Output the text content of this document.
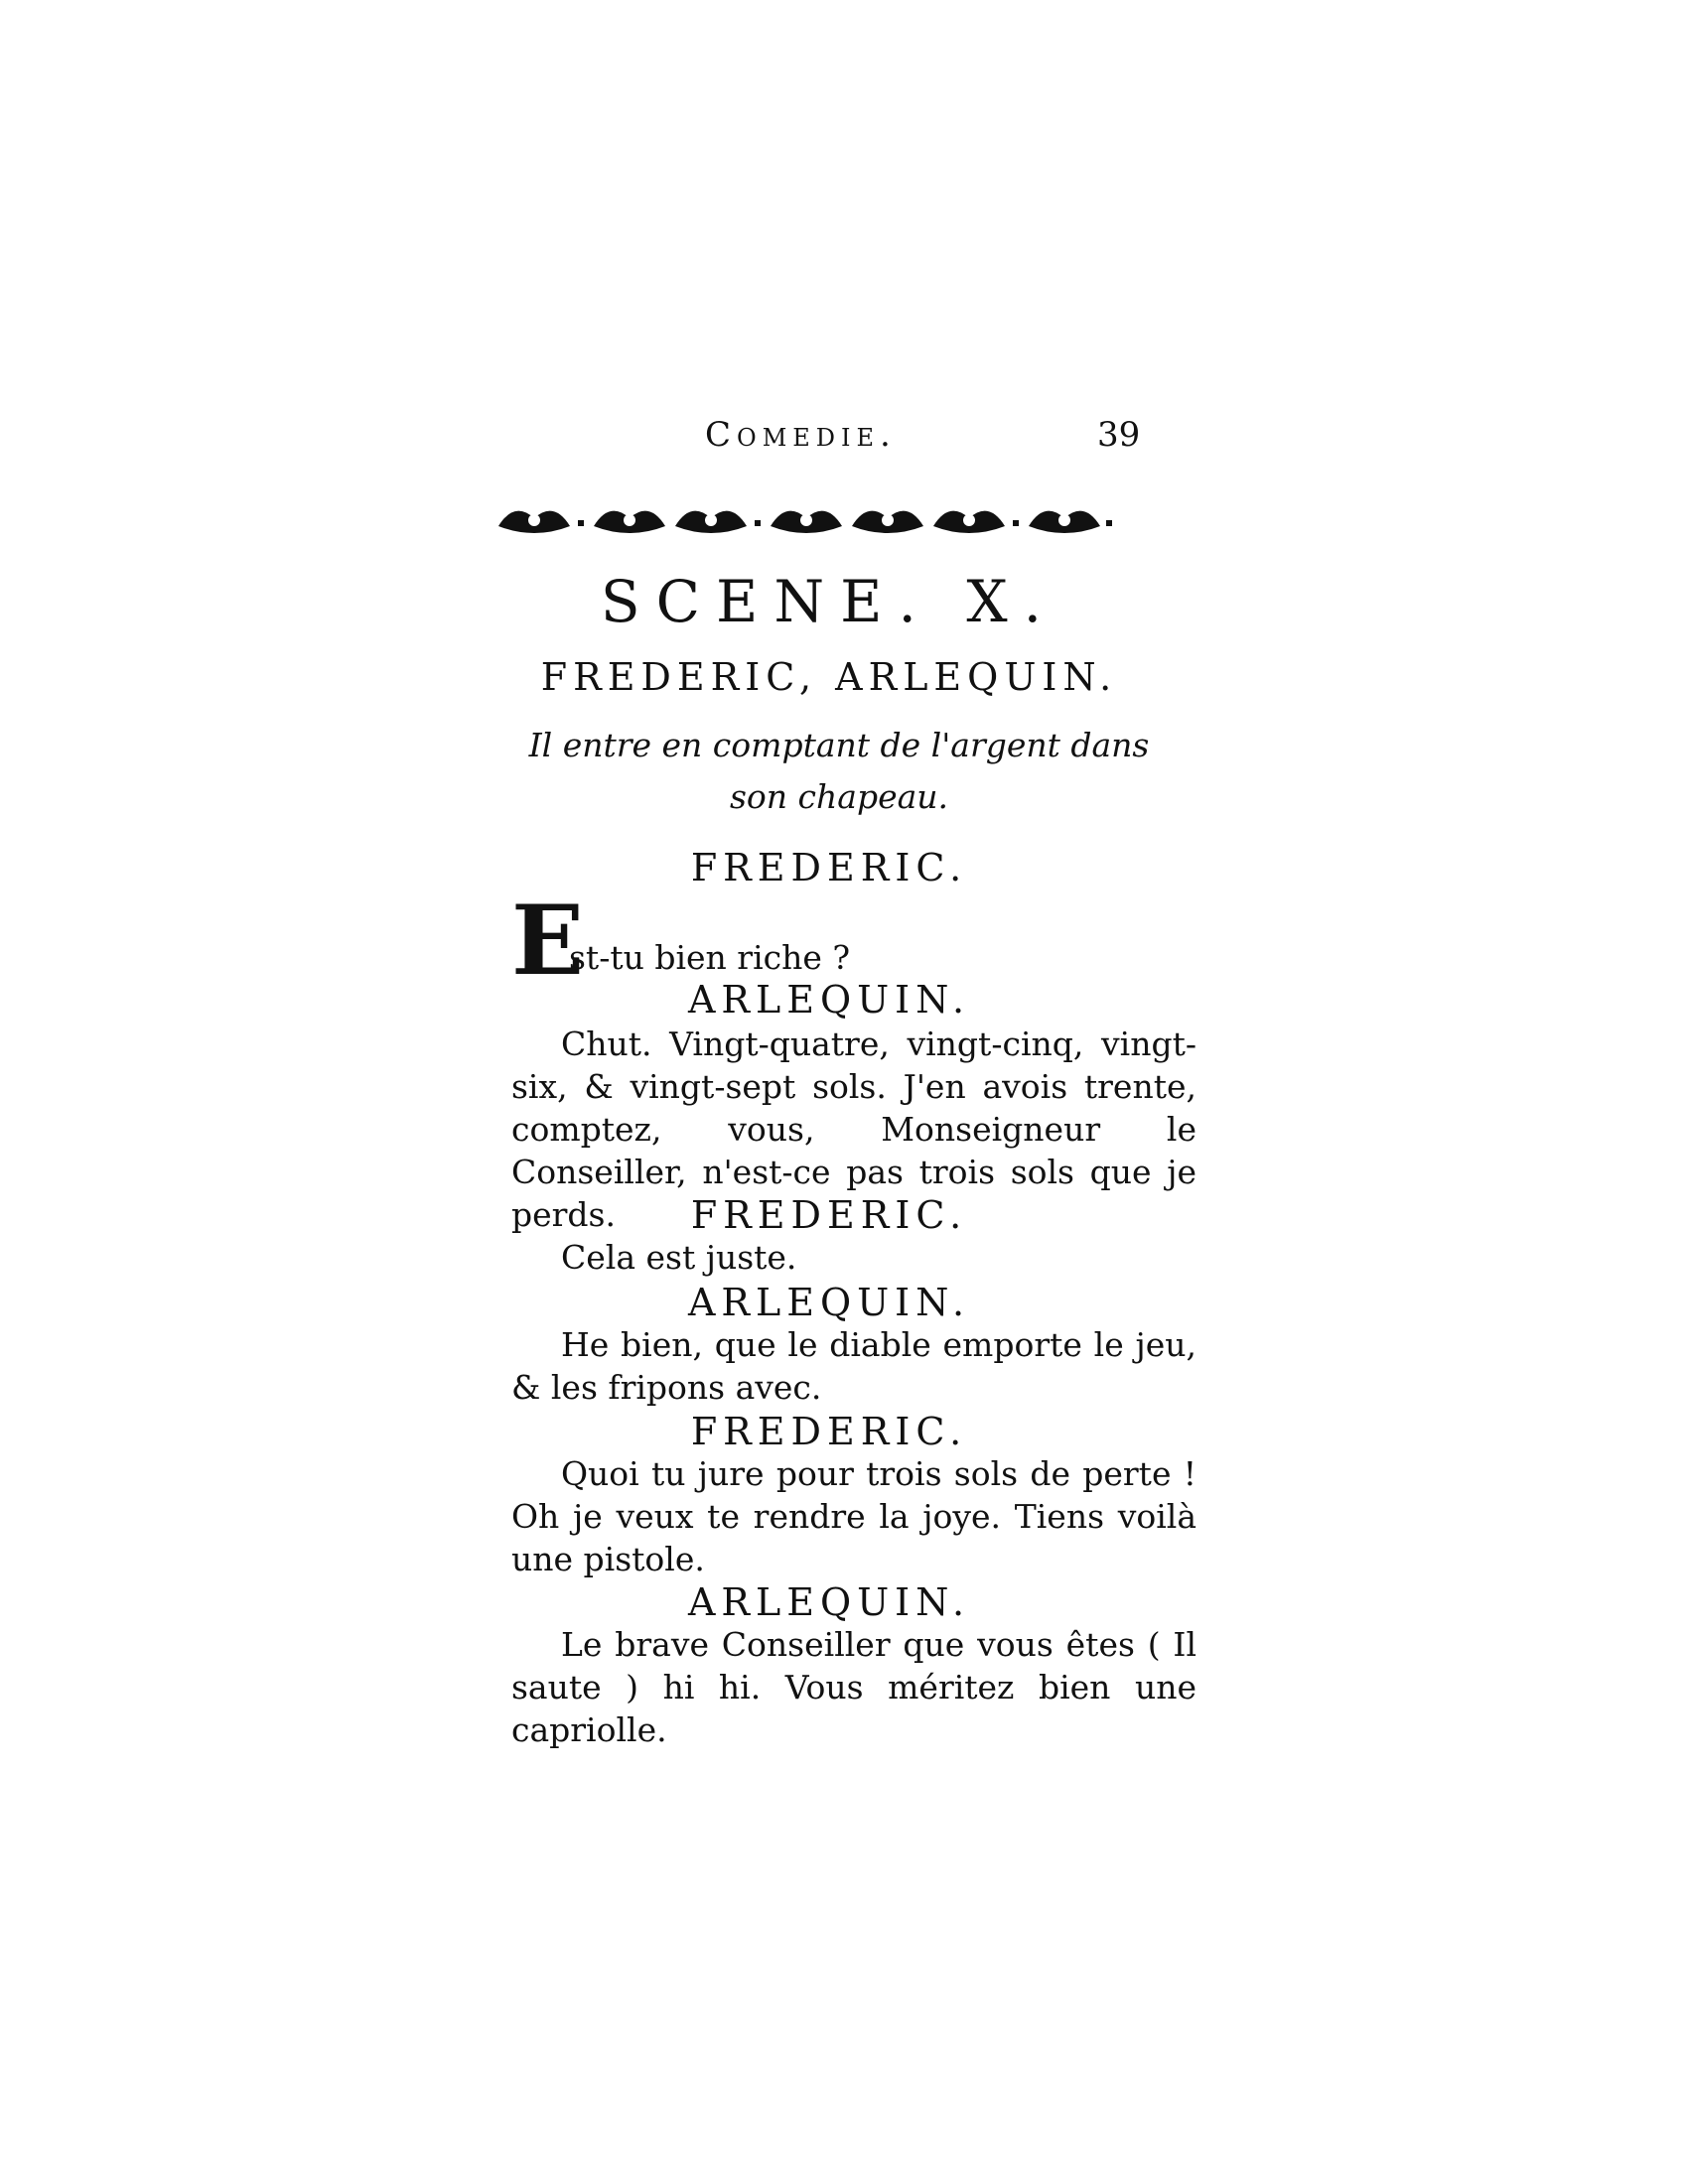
Comedie.	39
SCENE. X.
FREDERIC, ARLEQUIN.
Il entre en comptant de l'argent dans son chapeau.
FREDERIC.
E
st-tu bien riche ?
ARLEQUIN.
Chut. Vingt-quatre, vingt-cinq, vingt-six, & vingt-sept sols. J'en avois trente, comptez, vous, Monseigneur le Conseiller, n'est-ce pas trois sols que je perds.	FREDERIC.
Cela est juste.
ARLEQUIN.
He bien, que le diable emporte le jeu, & les fripons avec.
FREDERIC.
Quoi tu jure pour trois sols de perte ! Oh je veux te rendre la joye. Tiens voilà une pistole.
ARLEQUIN.
Le brave Conseiller que vous êtes ( Il saute ) hi hi. Vous méritez bien une capriolle.
